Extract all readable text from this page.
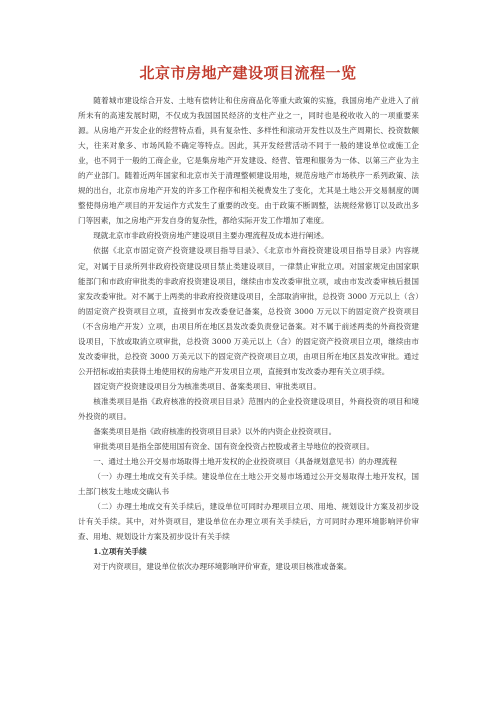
北京市房地产建设项目流程一览

随着城市建设综合开发、土地有偿转让和住房商品化等重大政策的实施，我国房地产业进入了前所未有的高速发展时期，不仅成为我国国民经济的支柱产业之一，同时也是税收收入的一项重要来源。从房地产开发企业的经营特点看，具有复杂性、多样性和滚动开发性以及生产周期长、投资数额大，往来对象多、市场风险不确定等特点。因此，其开发经营活动不同于一般的建设单位或施工企业，也不同于一般的工商企业，它是集房地产开发建设、经营、管理和服务为一体、以第三产业为主的产业部门。随着近两年国家和北京市关于清理整顿建设用地，规范房地产市场秩序一系列政策、法规的出台，北京市房地产开发的许多工作程序和相关税费发生了变化，尤其是土地公开交易制度的调整使得房地产项目的开发运作方式发生了重要的改变。由于政策不断调整，法规经常修订以及政出多门等因素，加之房地产开发自身的复杂性，都给实际开发工作增加了难度。

现就北京市非政府投资房地产建设项目主要办理流程及成本进行阐述。

依据《北京市固定资产投资建设项目指导目录》、《北京市外商投资建设项目指导目录》内容规定，对属于目录所列非政府投资建设项目禁止类建设项目，一律禁止审批立项。对国家规定由国家职能部门和市政府审批类的非政府投资建设项目，继续由市发改委审批立项，或由市发改委审核后报国家发改委审批。对不属于上两类的非政府投资建设项目，全部取消审批，总投资 3000 万元以上（含）的固定资产投资项目立项，直接到市发改委登记备案，总投资 3000 万元以下的固定资产投资项目（不含房地产开发）立项，由项目所在地区县发改委负责登记备案。对不属于前述两类的外商投资建设项目，下放或取消立项审批，总投资 3000 万美元以上（含）的固定资产投资项目立项，继续由市发改委审批，总投资 3000 万美元以下的固定资产投资项目立项，由项目所在地区县发改审批。通过公开招标或拍卖获得土地使用权的房地产开发项目立项，直接到市发改委办理有关立项手续。

固定资产投资建设项目分为核准类项目、备案类项目、审批类项目。

核准类项目是指《政府核准的投资项目目录》范围内的企业投资建设项目，外商投资的项目和境外投资的项目。

备案类项目是指《政府核准的投资项目目录》以外的内资企业投资项目。

审批类项目是指全部使用国有资金、国有资金投资占控股或者主导地位的投资项目。

一、通过土地公开交易市场取得土地开发权的企业投资项目（具备规划意见书）的办理流程

（一）办理土地成交有关手续。建设单位在土地公开交易市场通过公开交易取得土地开发权，国土部门核发土地成交确认书

（二）办理土地成交有关手续后，建设单位可同时办理项目立项、用地、规划设计方案及初步设计有关手续。其中，对外资项目，建设单位在办理立项有关手续后，方可同时办理环境影响评价审查、用地、规划设计方案及初步设计有关手续

1.立项有关手续

对于内资项目，建设单位依次办理环境影响评价审查，建设项目核准或备案。
